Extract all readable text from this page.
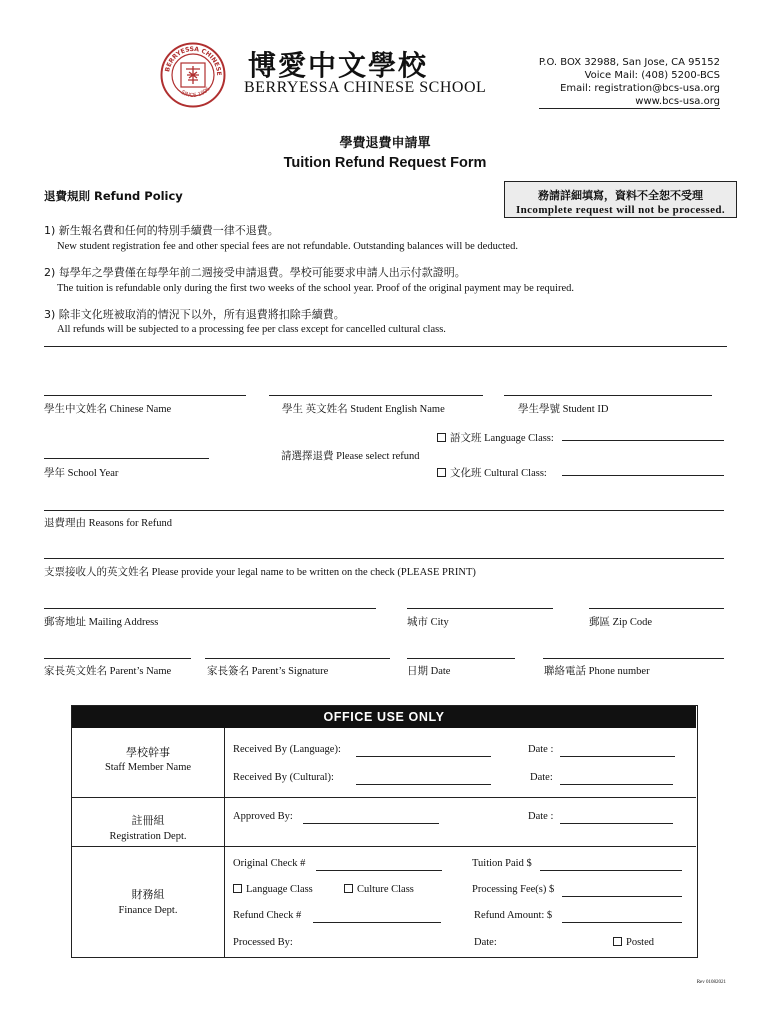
BERRYESSA CHINESE
SINCE 1996
博愛中文學校
BERRYESSA CHINESE SCHOOL
P.O. BOX 32988, San Jose, CA 95152
Voice Mail: (408) 5200-BCS
Email: registration@bcs-usa.org
www.bcs-usa.org
學費退費申請單
Tuition Refund Request Form
退費規則 Refund Policy	務請詳細填寫，資料不全恕不受理
Incomplete request will not be processed.
1) 新生報名費和任何的特別手續費一律不退費。
New student registration fee and other special fees are not refundable. Outstanding balances will be deducted.
2) 每學年之學費僅在每學年前二週接受申請退費。學校可能要求申請人出示付款證明。
The tuition is refundable only during the first two weeks of the school year. Proof of the original payment may be required.
3) 除非文化班被取消的情況下以外，所有退費將扣除手續費。
All refunds will be subjected to a processing fee per class except for cancelled cultural class.
學生中文姓名 Chinese Name	學生 英文姓名 Student English Name	學生學號 Student ID
語文班 Language Class:
請選擇退費 Please select refund
學年 School Year	文化班 Cultural Class:
退費理由 Reasons for Refund
支票接收人的英文姓名 Please provide your legal name to be written on the check (PLEASE PRINT)
郵寄地址 Mailing Address	城市 City	郵區 Zip Code
家長英文姓名 Parent’s Name	家長簽名 Parent’s Signature	日期 Date	聯絡電話 Phone number
OFFICE USE ONLY
學校幹事
Staff Member Name
Received By (Language):	Date :
Received By (Cultural):	Date:
註冊組
Registration Dept.
Approved By:	Date :
財務組
Finance Dept.
Original Check #	Tuition Paid $
Language Class	Culture Class	Processing Fee(s) $
Refund Check #	Refund Amount: $
Processed By:	Date:	Posted
Rev 01082021
